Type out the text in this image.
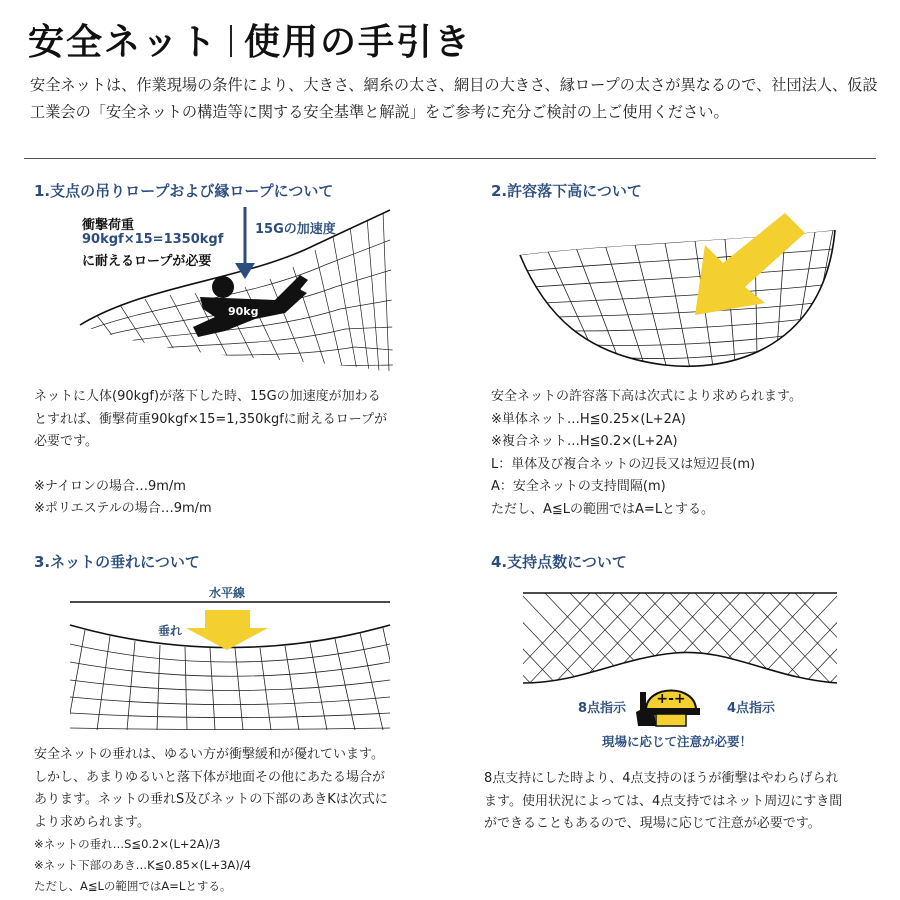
安全ネット 使用の手引き
安全ネットは、作業現場の条件により、大きさ、網糸の太さ、網目の大きさ、縁ロープの太さが異なるので、社団法人、仮設工業会の「安全ネットの構造等に関する安全基準と解説」をご参考に充分ご検討の上ご使用ください。
1.支点の吊りロープおよび縁ロープについて
衝撃荷重
90kgf×15=1350kgf
に耐えるロープが必要
15Gの加速度
90kg
ネットに人体(90kgf)が落下した時、15Gの加速度が加わる
とすれば、衝撃荷重90kgf×15=1,350kgfに耐えるロープが
必要です。
※ナイロンの場合…9m/m
※ポリエステルの場合…9m/m
2.許容落下高について
安全ネットの許容落下高は次式により求められます。
※単体ネット…H≦0.25×(L+2A)
※複合ネット…H≦0.2×(L+2A)
L：単体及び複合ネットの辺長又は短辺長(m)
A：安全ネットの支持間隔(m)
ただし、A≦Lの範囲ではA=Lとする。
3.ネットの垂れについて
水平線
垂れ
安全ネットの垂れは、ゆるい方が衝撃緩和が優れています。
しかし、あまりゆるいと落下体が地面その他にあたる場合が
あります。ネットの垂れS及びネットの下部のあきKは次式に
より求められます。
※ネットの垂れ…S≦0.2×(L+2A)/3
※ネット下部のあき…K≦0.85×(L+3A)/4
ただし、A≦Lの範囲ではA=Lとする。
4.支持点数について
+-+
8点指示	4点指示
現場に応じて注意が必要！
8点支持にした時より、4点支持のほうが衝撃はやわらげられ
ます。使用状況によっては、4点支持ではネット周辺にすき間
ができることもあるので、現場に応じて注意が必要です。
